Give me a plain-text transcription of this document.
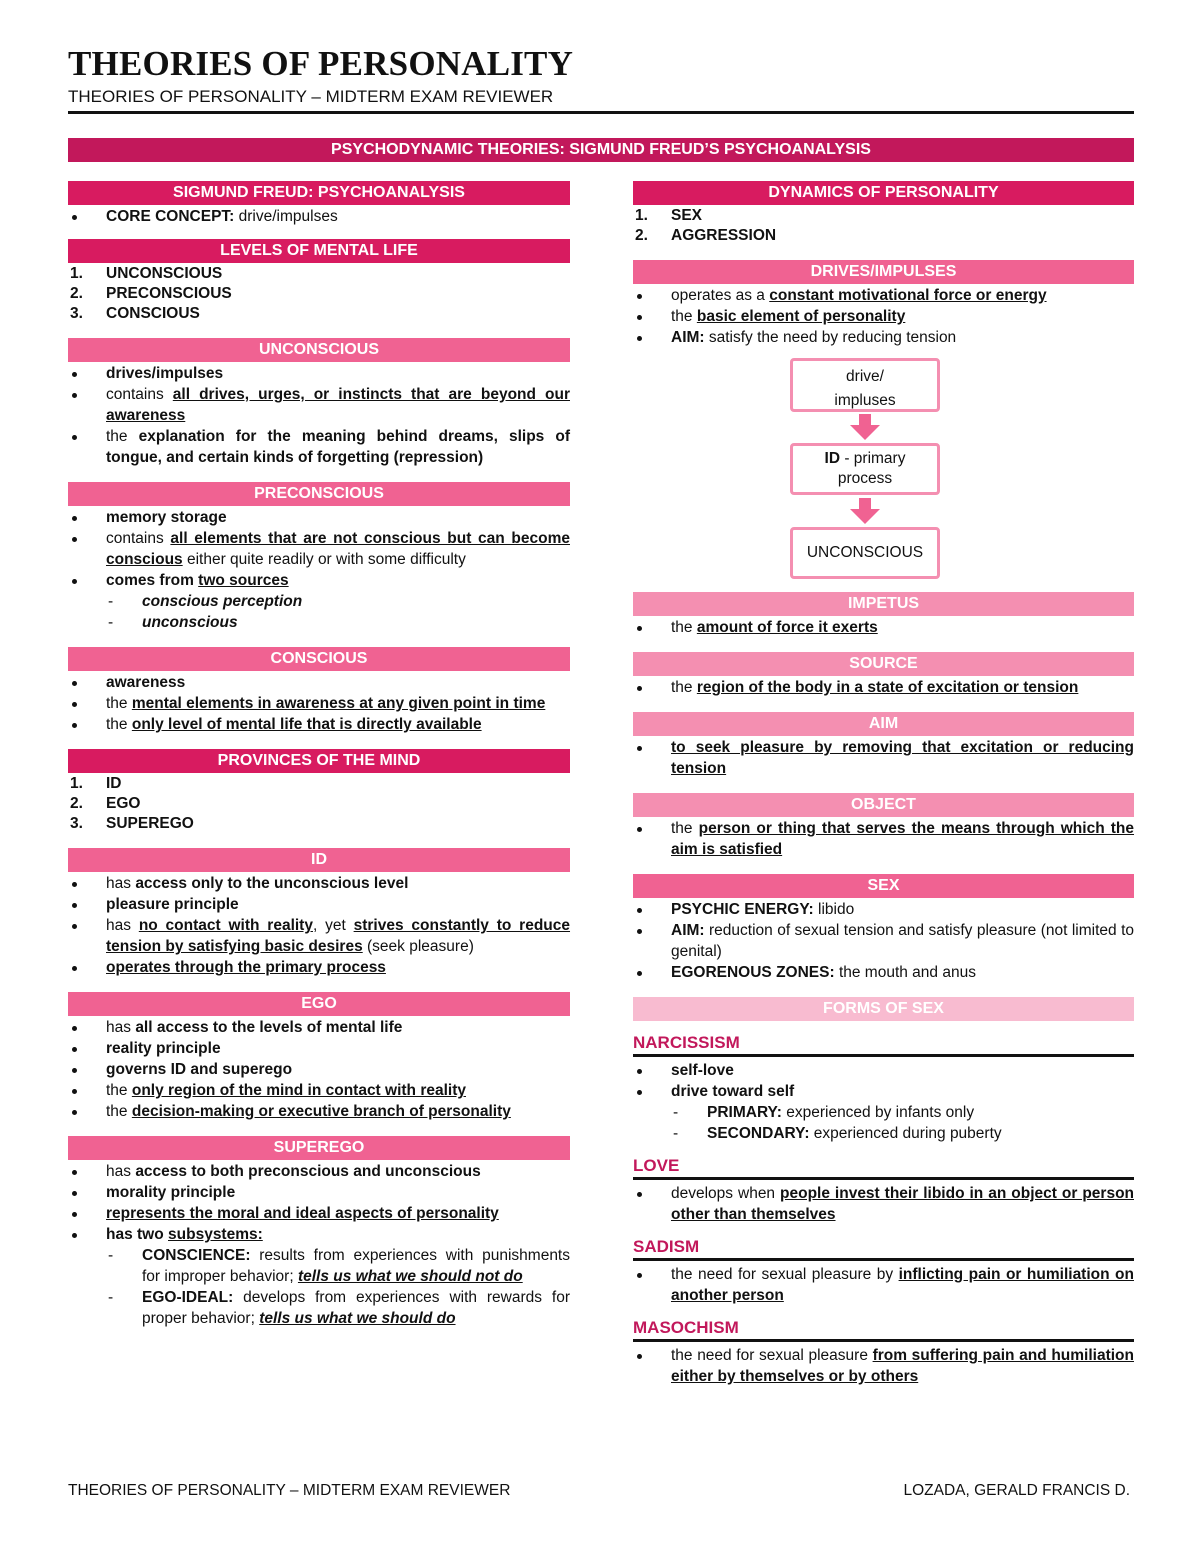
THEORIES OF PERSONALITY
THEORIES OF PERSONALITY – MIDTERM EXAM REVIEWER
PSYCHODYNAMIC THEORIES: SIGMUND FREUD’S PSYCHOANALYSIS
SIGMUND FREUD: PSYCHOANALYSIS
CORE CONCEPT: drive/impulses
LEVELS OF MENTAL LIFE
1. UNCONSCIOUS
2. PRECONSCIOUS
3. CONSCIOUS
UNCONSCIOUS
drives/impulses
contains all drives, urges, or instincts that are beyond our awareness
the explanation for the meaning behind dreams, slips of tongue, and certain kinds of forgetting (repression)
PRECONSCIOUS
memory storage
contains all elements that are not conscious but can become conscious either quite readily or with some difficulty
comes from two sources
- conscious perception
- unconscious
CONSCIOUS
awareness
the mental elements in awareness at any given point in time
the only level of mental life that is directly available
PROVINCES OF THE MIND
1. ID
2. EGO
3. SUPEREGO
ID
has access only to the unconscious level
pleasure principle
has no contact with reality, yet strives constantly to reduce tension by satisfying basic desires (seek pleasure)
operates through the primary process
EGO
has all access to the levels of mental life
reality principle
governs ID and superego
the only region of the mind in contact with reality
the decision-making or executive branch of personality
SUPEREGO
has access to both preconscious and unconscious
morality principle
represents the moral and ideal aspects of personality
has two subsystems:
- CONSCIENCE: results from experiences with punishments for improper behavior; tells us what we should not do
- EGO-IDEAL: develops from experiences with rewards for proper behavior; tells us what we should do
DYNAMICS OF PERSONALITY
1. SEX
2. AGGRESSION
DRIVES/IMPULSES
operates as a constant motivational force or energy
the basic element of personality
AIM: satisfy the need by reducing tension
drive/ impluses
ID - primary process
UNCONSCIOUS
IMPETUS
the amount of force it exerts
SOURCE
the region of the body in a state of excitation or tension
AIM
to seek pleasure by removing that excitation or reducing tension
OBJECT
the person or thing that serves the means through which the aim is satisfied
SEX
PSYCHIC ENERGY: libido
AIM: reduction of sexual tension and satisfy pleasure (not limited to genital)
EGORENOUS ZONES: the mouth and anus
FORMS OF SEX
NARCISSISM
self-love
drive toward self
- PRIMARY: experienced by infants only
- SECONDARY: experienced during puberty
LOVE
develops when people invest their libido in an object or person other than themselves
SADISM
the need for sexual pleasure by inflicting pain or humiliation on another person
MASOCHISM
the need for sexual pleasure from suffering pain and humiliation either by themselves or by others
THEORIES OF PERSONALITY – MIDTERM EXAM REVIEWER	LOZADA, GERALD FRANCIS D.
